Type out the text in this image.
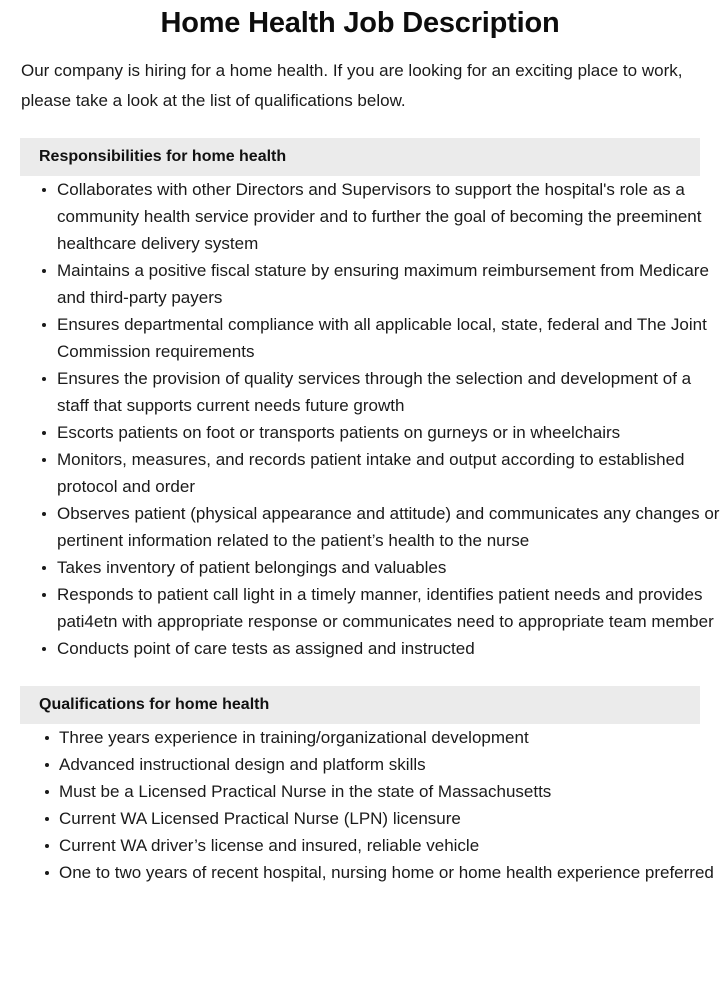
Home Health Job Description

Our company is hiring for a home health. If you are looking for an exciting place to work, please take a look at the list of qualifications below.

Responsibilities for home health
Collaborates with other Directors and Supervisors to support the hospital's role as a community health service provider and to further the goal of becoming the preeminent healthcare delivery system
Maintains a positive fiscal stature by ensuring maximum reimbursement from Medicare and third-party payers
Ensures departmental compliance with all applicable local, state, federal and The Joint Commission requirements
Ensures the provision of quality services through the selection and development of a staff that supports current needs future growth
Escorts patients on foot or transports patients on gurneys or in wheelchairs
Monitors, measures, and records patient intake and output according to established protocol and order
Observes patient (physical appearance and attitude) and communicates any changes or pertinent information related to the patient’s health to the nurse
Takes inventory of patient belongings and valuables
Responds to patient call light in a timely manner, identifies patient needs and provides pati4etn with appropriate response or communicates need to appropriate team member
Conducts point of care tests as assigned and instructed
Qualifications for home health
Three years experience in training/organizational development
Advanced instructional design and platform skills
Must be a Licensed Practical Nurse in the state of Massachusetts
Current WA Licensed Practical Nurse (LPN) licensure
Current WA driver’s license and insured, reliable vehicle
One to two years of recent hospital, nursing home or home health experience preferred
